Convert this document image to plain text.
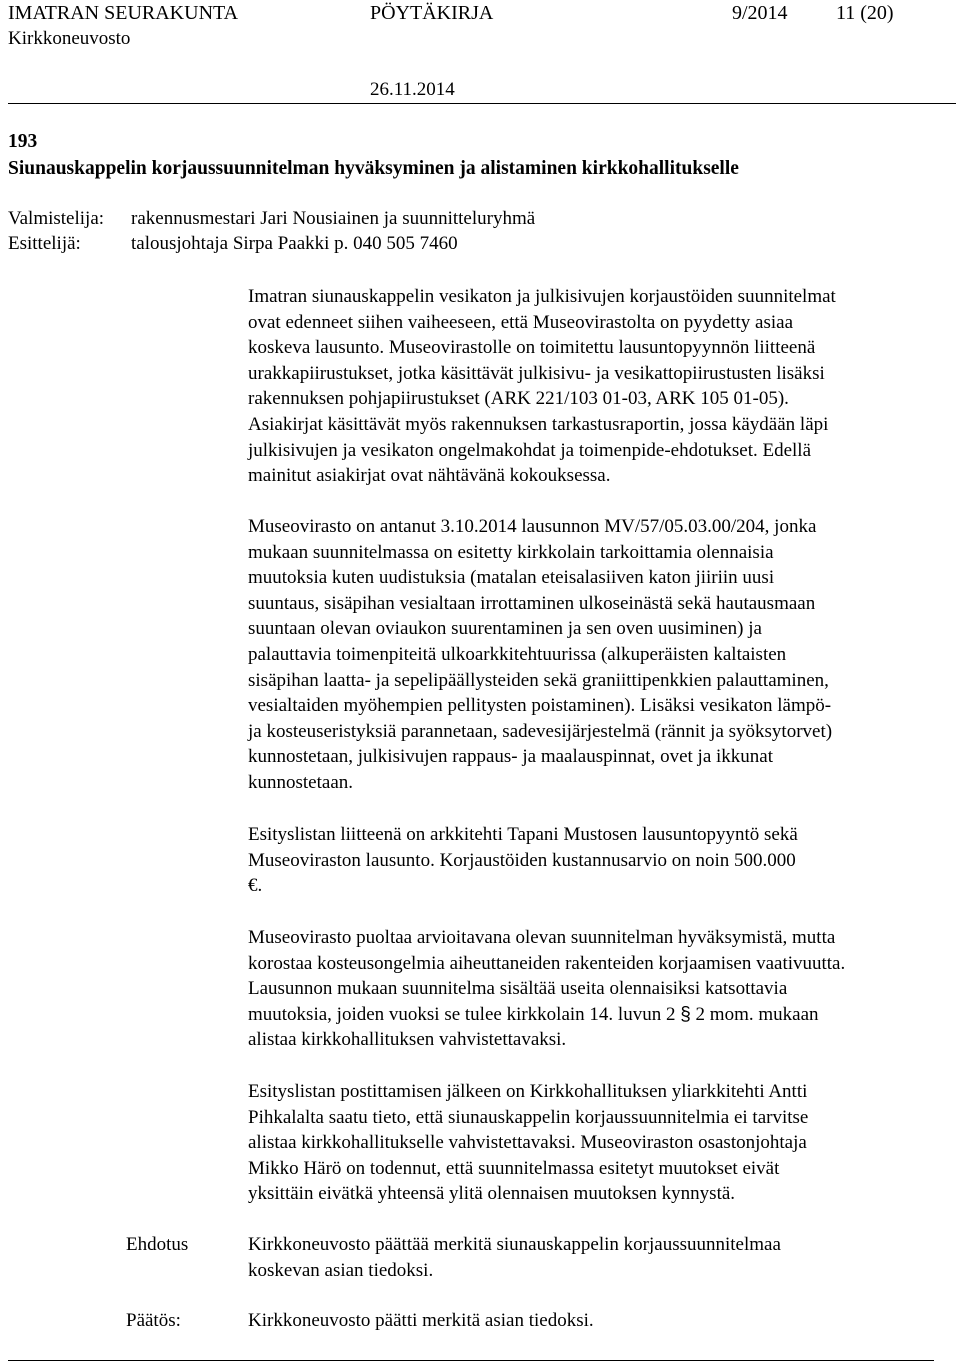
IMATRAN SEURAKUNTA	PÖYTÄKIRJA	9/2014 11 (20)
Kirkkoneuvosto
26.11.2014
193
Siunauskappelin korjaussuunnitelman hyväksyminen ja alistaminen kirkkohallitukselle
Valmistelija: rakennusmestari Jari Nousiainen ja suunnitteluryhmä
Esittelijä:	talousjohtaja Sirpa Paakki p. 040 505 7460

Imatran siunauskappelin vesikaton ja julkisivujen korjaustöiden suunnitelmat

ovat edenneet siihen vaiheeseen, että Museovirastolta on pyydetty asiaa

koskeva lausunto. Museovirastolle on toimitettu lausuntopyynnön liitteenä

urakkapiirustukset, jotka käsittävät julkisivu- ja vesikattopiirustusten lisäksi

rakennuksen pohjapiirustukset (ARK 221/103 01-03, ARK 105 01-05).

Asiakirjat käsittävät myös rakennuksen tarkastusraportin, jossa käydään läpi

julkisivujen ja vesikaton ongelmakohdat ja toimenpide-ehdotukset. Edellä

mainitut asiakirjat ovat nähtävänä kokouksessa.

Museovirasto on antanut 3.10.2014 lausunnon MV/57/05.03.00/204, jonka

mukaan suunnitelmassa on esitetty kirkkolain tarkoittamia olennaisia

muutoksia kuten uudistuksia (matalan eteisalasiiven katon jiiriin uusi

suuntaus, sisäpihan vesialtaan irrottaminen ulkoseinästä sekä hautausmaan

suuntaan olevan oviaukon suurentaminen ja sen oven uusiminen) ja

palauttavia toimenpiteitä ulkoarkkitehtuurissa (alkuperäisten kaltaisten

sisäpihan laatta- ja sepelipäällysteiden sekä graniittipenkkien palauttaminen,

vesialtaiden myöhempien pellitysten poistaminen). Lisäksi vesikaton lämpö-

ja kosteuseristyksiä parannetaan, sadevesijärjestelmä (rännit ja syöksytorvet)

kunnostetaan, julkisivujen rappaus- ja maalauspinnat, ovet ja ikkunat

kunnostetaan.

Esityslistan liitteenä on arkkitehti Tapani Mustosen lausuntopyyntö sekä

Museoviraston lausunto. Korjaustöiden kustannusarvio on noin 500.000

€.

Museovirasto puoltaa arvioitavana olevan suunnitelman hyväksymistä, mutta

korostaa kosteusongelmia aiheuttaneiden rakenteiden korjaamisen vaativuutta.

Lausunnon mukaan suunnitelma sisältää useita olennaisiksi katsottavia

muutoksia, joiden vuoksi se tulee kirkkolain 14. luvun 2 § 2 mom. mukaan

alistaa kirkkohallituksen vahvistettavaksi.

Esityslistan postittamisen jälkeen on Kirkkohallituksen yliarkkitehti Antti

Pihkalalta saatu tieto, että siunauskappelin korjaussuunnitelmia ei tarvitse

alistaa kirkkohallitukselle vahvistettavaksi. Museoviraston osastonjohtaja

Mikko Härö on todennut, että suunnitelmassa esitetyt muutokset eivät

yksittäin eivätkä yhteensä ylitä olennaisen muutoksen kynnystä.

Ehdotus	Kirkkoneuvosto päättää merkitä siunauskappelin korjaussuunnitelmaa

koskevan asian tiedoksi.

Päätös:	Kirkkoneuvosto päätti merkitä asian tiedoksi.
